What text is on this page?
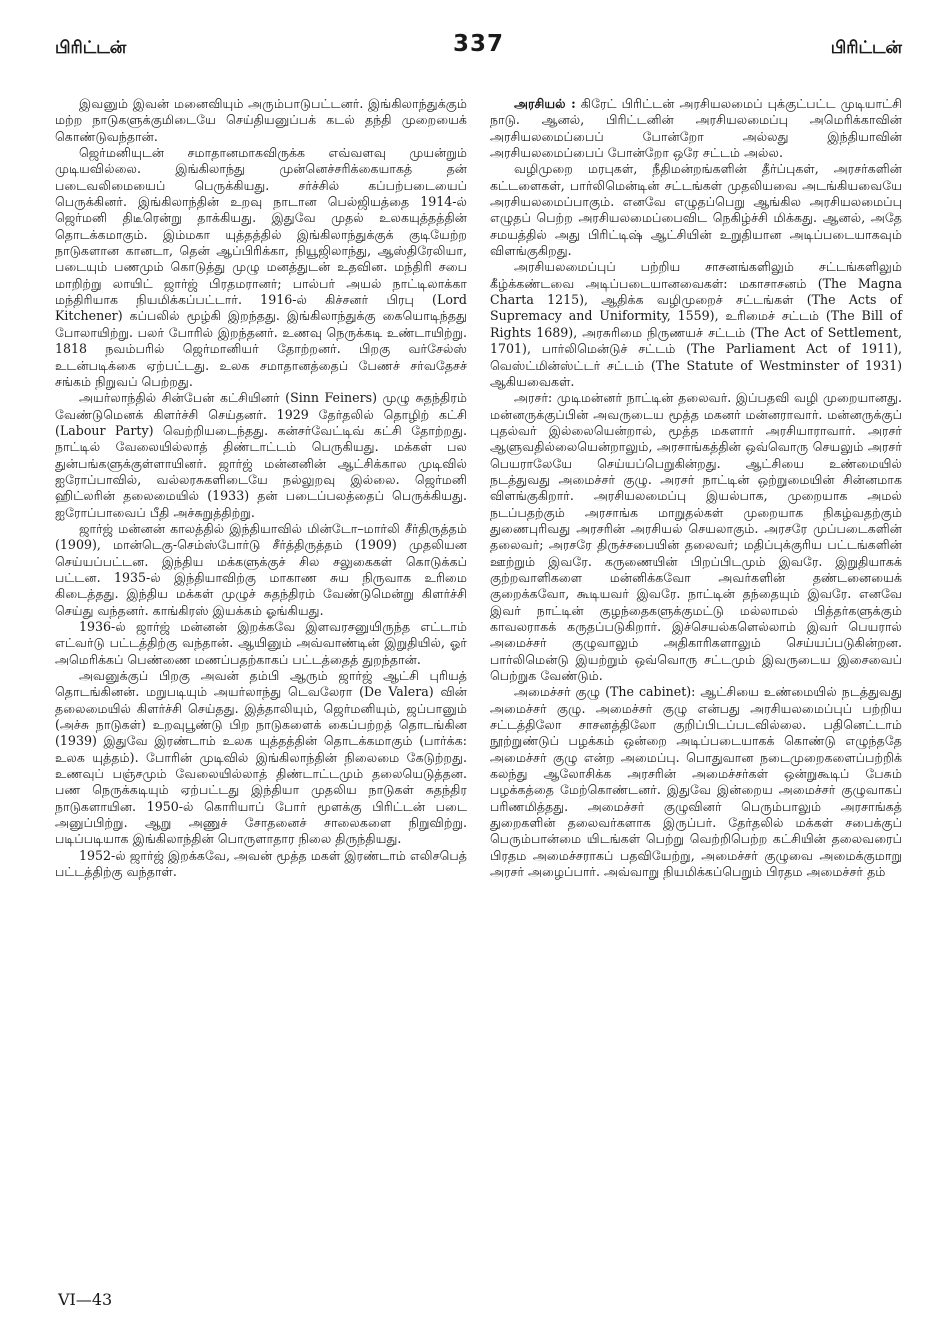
பிரிட்டன்	337	பிரிட்டன்

இவனும் இவன் மனைவியும் அரும்பாடுபட்டனர். இங்கிலாந்துக்கும் மற்ற நாடுகளுக்குமிடையே செய்தியனுப்பக் கடல் தந்தி முறையைக் கொண்டுவந்தான்.

ஜெர்மனியுடன் சமாதானமாகவிருக்க எவ்வளவு முயன்றும் முடியவில்லை. இங்கிலாந்து முன்னெச்சரிக்கையாகத் தன் படைவலிமையைப் பெருக்கியது. சர்ச்சில் கப்பற்படையைப் பெருக்கினர். இங்கிலாந்தின் உறவு நாடான பெல்ஜியத்தை 1914-ல் ஜெர்மனி திடீரென்று தாக்கியது. இதுவே முதல் உலகயுத்தத்தின் தொடக்கமாகும். இம்மகா யுத்தத்தில் இங்கிலாந்துக்குக் குடியேற்ற நாடுகளான கானடா, தென் ஆப்பிரிக்கா, நியூஜிலாந்து, ஆஸ்திரேலியா, படையும் பணமும் கொடுத்து முழு மனத்துடன் உதவின. மந்திரி சபை மாறிற்று லாயிட் ஜார்ஜ் பிரதமரானர்; பால்பர் அயல் நாட்டிலாக்கா மந்திரியாக நியமிக்கப்பட்டார். 1916-ல் கிச்சனர் பிரபு (Lord Kitchener) கப்பலில் மூழ்கி இறந்தது. இங்கிலாந்துக்கு கையொடிந்தது போலாயிற்று. பலர் போரில் இறந்தனர். உணவு நெருக்கடி உண்டாயிற்று. 1818 நவம்பரில் ஜெர்மானியர் தோற்றனர். பிறகு வர்சேல்ஸ் உடன்படிக்கை ஏற்பட்டது. உலக சமாதானத்தைப் பேணச் சர்வதேசச் சங்கம் நிறுவப் பெற்றது.

அயர்லாந்தில் சின்பேன் கட்சியினர் (Sinn Feiners) முழு சுதந்திரம் வேண்டுமெனக் கிளர்ச்சி செய்தனர். 1929 தேர்தலில் தொழிற் கட்சி (Labour Party) வெற்றியடைந்தது. கன்சர்வேட்டிவ் கட்சி தோற்றது. நாட்டில் வேலையில்லாத் திண்டாட்டம் பெருகியது. மக்கள் பல துன்பங்களுக்குள்ளாயினர். ஜார்ஜ் மன்னனின் ஆட்சிக்கால முடிவில் ஐரோப்பாவில், வல்லரசுகளிடையே நல்லுறவு இல்லை. ஜெர்மனி ஹிட்லரின் தலைமையில் (1933) தன் படைப்பலத்தைப் பெருக்கியது. ஐரோப்பாவைப் பீதி அச்சுறுத்திற்று.

ஜார்ஜ் மன்னன் காலத்தில் இந்தியாவில் மின்டோ–மார்லி சீர்திருத்தம் (1909), மான்டெகு-செம்ஸ்போர்டு சீர்த்திருத்தம் (1909) முதலியன செய்யப்பட்டன. இந்திய மக்களுக்குச் சில சலுகைகள் கொடுக்கப் பட்டன. 1935-ல் இந்தியாவிற்கு மாகாண சுய நிருவாக உரிமை கிடைத்தது. இந்திய மக்கள் முழுச் சுதந்திரம் வேண்டுமென்று கிளர்ச்சி செய்து வந்தனர். காங்கிரஸ் இயக்கம் ஓங்கியது.

1936-ல் ஜார்ஜ் மன்னன் இறக்கவே இளவரசனுயிருந்த எட்டாம் எட்வர்டு பட்டத்திற்கு வந்தான். ஆயினும் அவ்வாண்டின் இறுதியில், ஓர் அமெரிக்கப் பெண்ணை மணப்பதற்காகப் பட்டத்தைத் துறந்தான்.

அவனுக்குப் பிறகு அவன் தம்பி ஆரும் ஜார்ஜ் ஆட்சி புரியத் தொடங்கினன். மறுபடியும் அயர்லாந்து டெவலேரா (De Valera) வின் தலைமையில் கிளர்ச்சி செய்தது. இத்தாலியும், ஜெர்மனியும், ஜப்பானும் (அச்சு நாடுகள்) உறவுபூண்டு பிற நாடுகளைக் கைப்பற்றத் தொடங்கின (1939) இதுவே இரண்டாம் உலக யுத்தத்தின் தொடக்கமாகும் (பார்க்க: உலக யுத்தம்). போரின் முடிவில் இங்கிலாந்தின் நிலைமை கேடுற்றது. உணவுப் பஞ்சமும் வேலையில்லாத் திண்டாட்டமும் தலையெடுத்தன. பண நெருக்கடியும் ஏற்பட்டது இந்தியா முதலிய நாடுகள் சுதந்திர நாடுகளாயின. 1950-ல் கொரியாப் போர் மூளக்கு பிரிட்டன் படை அனுப்பிற்று. ஆறு அணுச் சோதனைச் சாலைகளை நிறுவிற்று. படிப்படியாக இங்கிலாந்தின் பொருளாதார நிலை திருந்தியது.

1952-ல் ஜார்ஜ் இறக்கவே, அவன் மூத்த மகள் இரண்டாம் எலிசபெத் பட்டத்திற்கு வந்தாள்.

அரசியல் : கிரேட் பிரிட்டன் அரசியலமைப் புக்குட்பட்ட முடியாட்சி நாடு. ஆனல், பிரிட்டனின் அரசியலமைப்பு அமெரிக்காவின் அரசியலமைப்பைப் போன்றோ அல்லது இந்தியாவின் அரசியலமைப்பைப் போன்றோ ஒரே சட்டம் அல்ல.

வழிமுறை மரபுகள், நீதிமன்றங்களின் தீர்ப்புகள், அரசர்களின் கட்டளைகள், பார்லிமென்டின் சட்டங்கள் முதலியவை அடங்கியவையே அரசியலமைப்பாகும். எனவே எழுதப்பெறு ஆங்கில அரசியலமைப்பு எழுதப் பெற்ற அரசியலமைப்பைவிட நெகிழ்ச்சி மிக்கது. ஆனல், அதே சமயத்தில் அது பிரிட்டிஷ் ஆட்சியின் உறுதியான அடிப்படையாகவும் விளங்குகிறது.

அரசியலமைப்புப் பற்றிய சாசனங்களிலும் சட்டங்களிலும் கீழ்க்கண்டவை அடிப்படையானவைகள்: மகாசாசனம் (The Magna Charta 1215), ஆதிக்க வழிமுறைச் சட்டங்கள் (The Acts of Supremacy and Uniformity, 1559), உரிமைச் சட்டம் (The Bill of Rights 1689), அரசுரிமை நிருணயச் சட்டம் (The Act of Settlement, 1701), பார்லிமென்டுச் சட்டம் (The Parliament Act of 1911), வெஸ்ட்மின்ஸ்ட்டர் சட்டம் (The Statute of Westminster of 1931) ஆகியவைகள்.

அரசர்: முடிமன்னர் நாட்டின் தலைவர். இப்பதவி வழி முறையானது. மன்னருக்குப்பின் அவருடைய மூத்த மகனர் மன்னராவார். மன்னருக்குப் புதல்வர் இல்லையென்றால், மூத்த மகளார் அரசியாராவார். அரசர் ஆளுவதில்லையென்றாலும், அரசாங்கத்தின் ஒவ்வொரு செயலும் அரசர் பெயராலேயே செய்யப்பெறுகின்றது. ஆட்சியை உண்மையில் நடத்துவது அமைச்சர் குழு. அரசர் நாட்டின் ஒற்றுமையின் சின்னமாக விளங்குகிறார். அரசியலமைப்பு இயல்பாக, முறையாக அமல் நடப்பதற்கும் அரசாங்க மாறுதல்கள் முறையாக நிகழ்வதற்கும் துணைபுரிவது அரசரின் அரசியல் செயலாகும். அரசரே முப்படைகளின் தலைவர்; அரசரே திருச்சபையின் தலைவர்; மதிப்புக்குரிய பட்டங்களின் ஊற்றும் இவரே. கருணையின் பிறப்பிடமும் இவரே. இறுதியாகக் குற்றவாளிகளை மன்னிக்கவோ அவர்களின் தண்டனையைக் குறைக்கவோ, கூடியவர் இவரே. நாட்டின் தந்தையும் இவரே. எனவே இவர் நாட்டின் குழந்தைகளுக்குமட்டு மல்லாமல் பித்தர்களுக்கும் காவலராகக் கருதப்படுகிறார். இச்செயல்களெல்லாம் இவர் பெயரால் அமைச்சர் குழுவாலும் அதிகாரிகளாலும் செய்யப்படுகின்றன. பார்லிமென்டு இயற்றும் ஒவ்வொரு சட்டமும் இவருடைய இசைவைப் பெற்றுக வேண்டும்.

அமைச்சர் குழு (The cabinet): ஆட்சியை உண்மையில் நடத்துவது அமைச்சர் குழு. அமைச்சர் குழு என்பது அரசியலமைப்புப் பற்றிய சட்டத்திலோ சாசனத்திலோ குறிப்பிடப்படவில்லை. பதினெட்டாம் நூற்றுண்டுப் பழக்கம் ஒன்றை அடிப்படையாகக் கொண்டு எழுந்ததே அமைச்சர் குழு என்ற அமைப்பு. பொதுவான நடைமுறைகளைப்பற்றிக் கலந்து ஆலோசிக்க அரசரின் அமைச்சர்கள் ஒன்றுகூடிப் பேசும் பழக்கத்தை மேற்கொண்டனர். இதுவே இன்றைய அமைச்சர் குழுவாகப் பரிணமித்தது. அமைச்சர் குழுவினர் பெரும்பாலும் அரசாங்கத் துறைகளின் தலைவர்களாக இருப்பர். தேர்தலில் மக்கள் சபைக்குப் பெரும்பான்மை யிடங்கள் பெற்று வெற்றிபெற்ற கட்சியின் தலைவரைப் பிரதம அமைச்சராகப் பதவியேற்று, அமைச்சர் குழுவை அமைக்குமாறு அரசர் அழைப்பார். அவ்வாறு நியமிக்கப்பெறும் பிரதம அமைச்சர் தம்

VI—43
